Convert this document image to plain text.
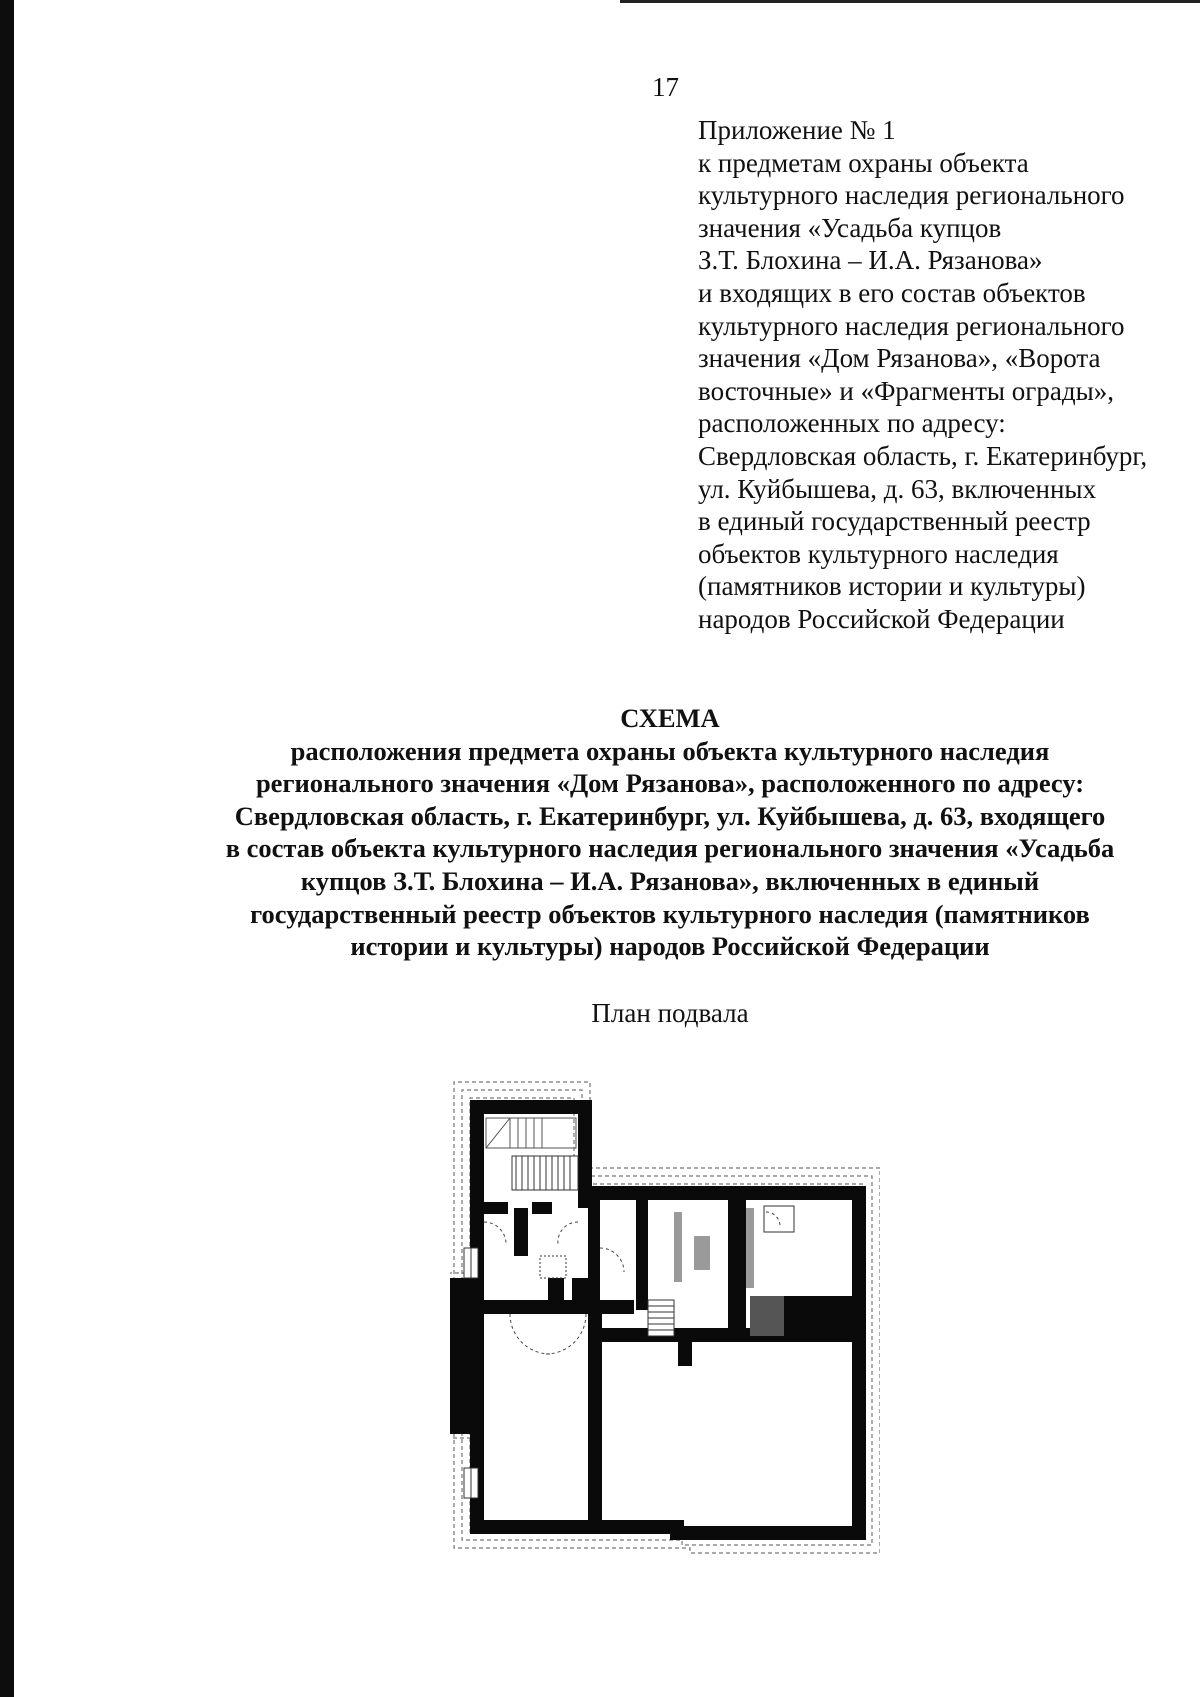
17
Приложение № 1
к предметам охраны объекта
культурного наследия регионального
значения «Усадьба купцов
З.Т. Блохина – И.А. Рязанова»
и входящих в его состав объектов
культурного наследия регионального
значения «Дом Рязанова», «Ворота
восточные» и «Фрагменты ограды»,
расположенных по адресу:
Свердловская область, г. Екатеринбург,
ул. Куйбышева, д. 63, включенных
в единый государственный реестр
объектов культурного наследия
(памятников истории и культуры)
народов Российской Федерации
СХЕМА
расположения предмета охраны объекта культурного наследия
регионального значения «Дом Рязанова», расположенного по адресу:
Свердловская область, г. Екатеринбург, ул. Куйбышева, д. 63, входящего
в состав объекта культурного наследия регионального значения «Усадьба
купцов З.Т. Блохина – И.А. Рязанова», включенных в единый
государственный реестр объектов культурного наследия (памятников
истории и культуры) народов Российской Федерации
План подвала
